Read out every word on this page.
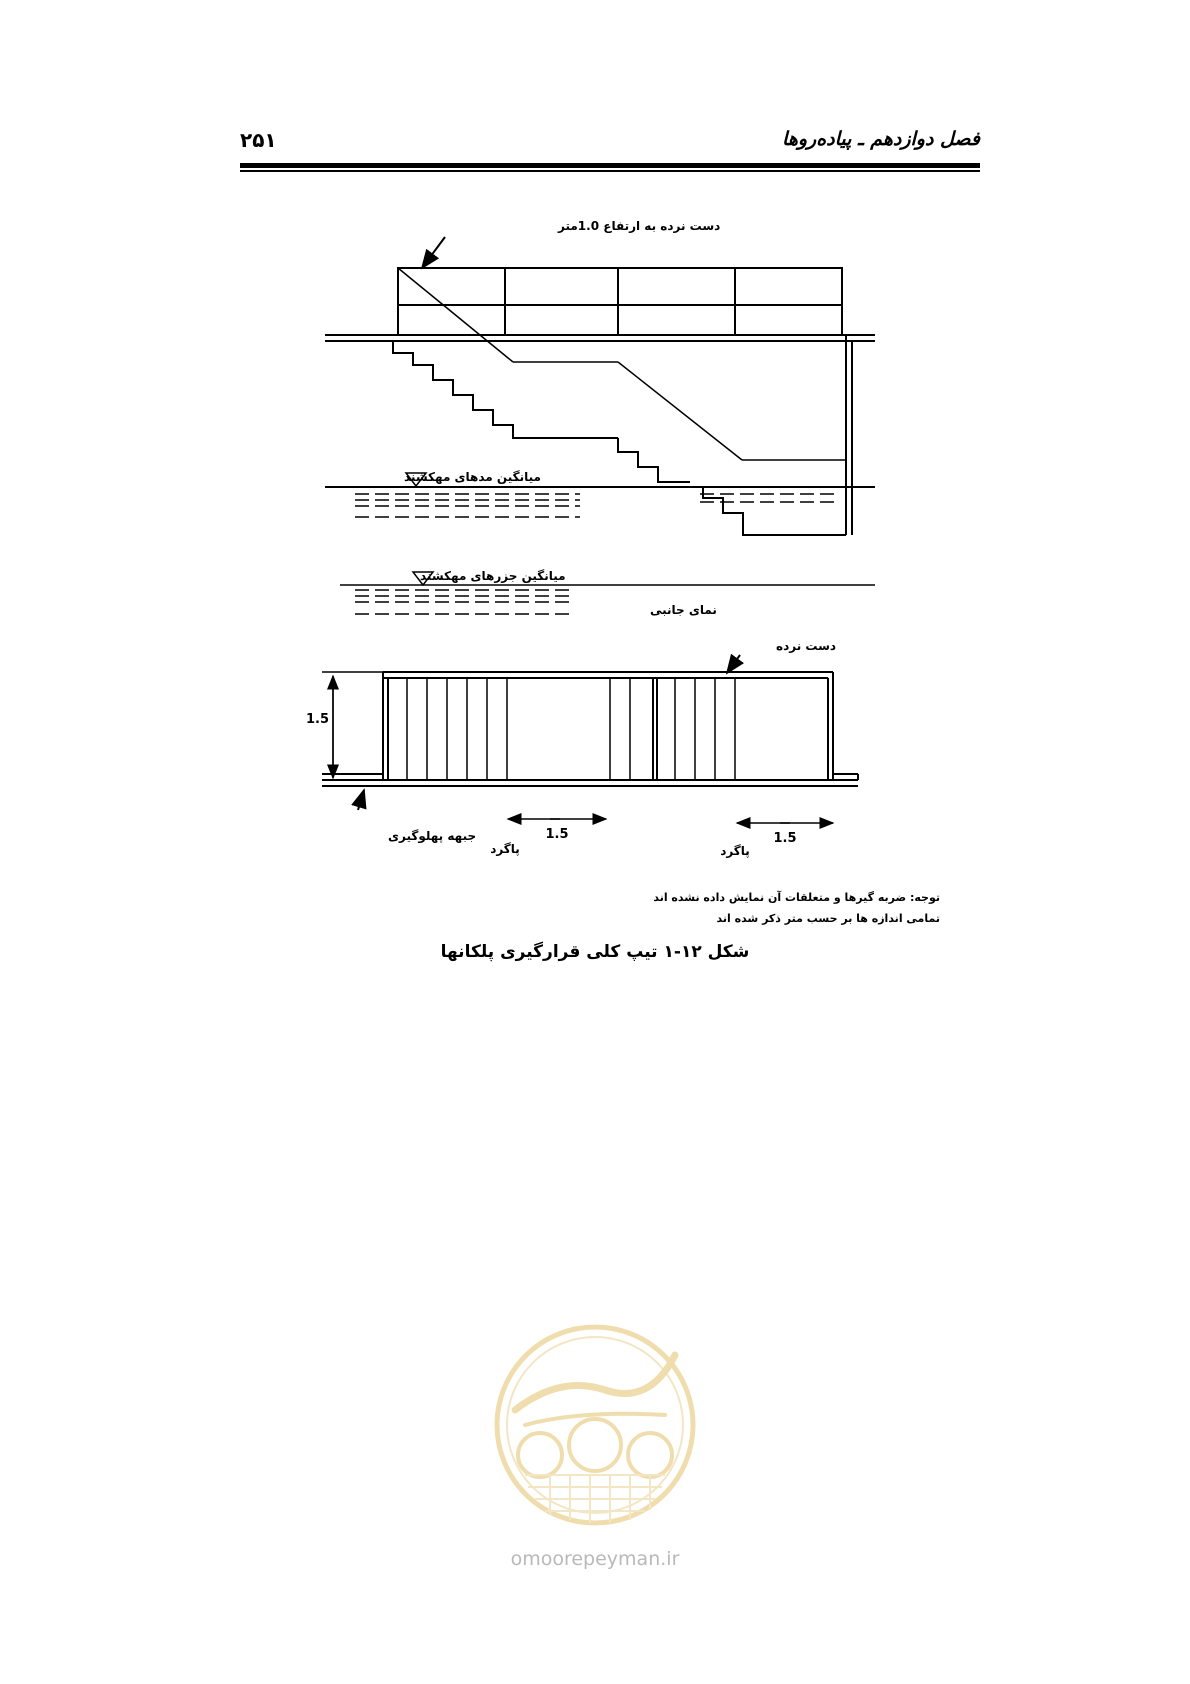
۲۵۱	فصل دوازدهم ـ پیاده‌روها
دست نرده به ارتفاع 1.0متر
میانگین مدهای مهکشند
میانگین جزرهای مهکشند
نمای جانبی
1.5
دست نرده
جبهه پهلوگیری	1.5
پاگرد
1.5
پاگرد
توجه: ضربه گیرها و متعلقات آن نمایش داده نشده اند
تمامی اندازه ها بر حسب متر ذکر شده اند
شکل ۱۲-۱ تیپ کلی قرارگیری پلکانها
omoorepeyman.ir
